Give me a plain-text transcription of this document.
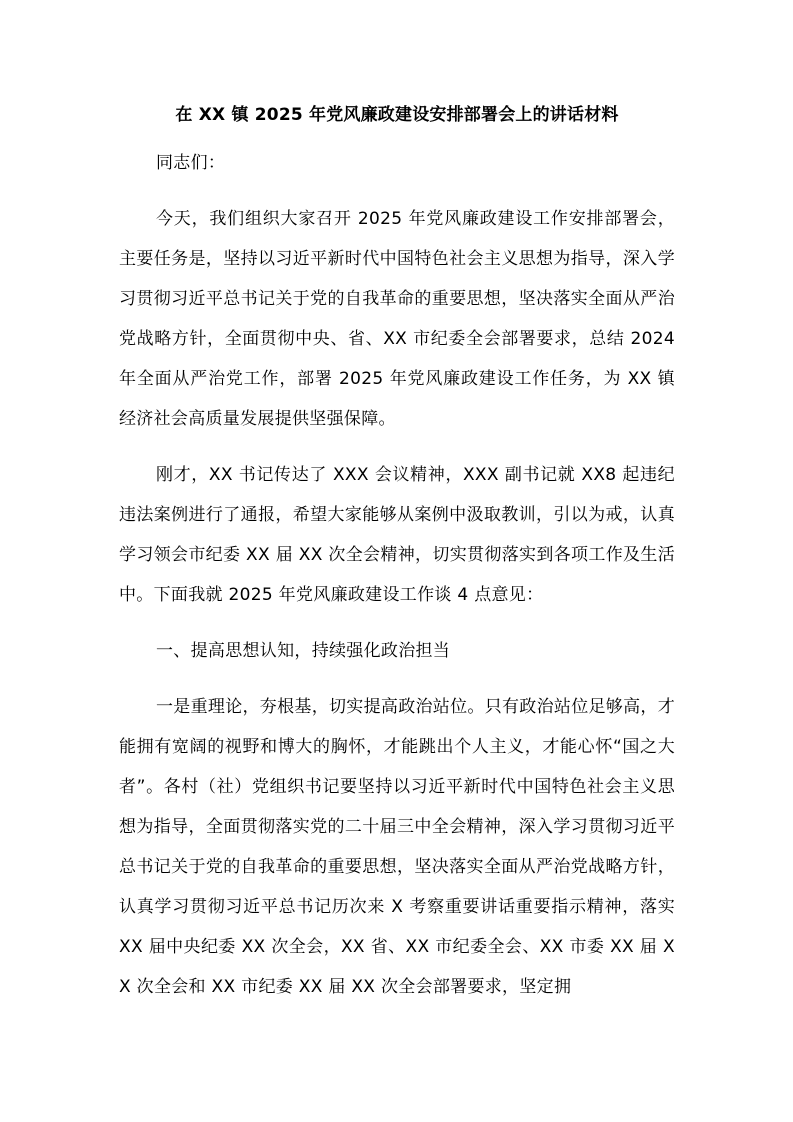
在 XX 镇 2025 年党风廉政建设安排部署会上的讲话材料

同志们：

今天，我们组织大家召开 2025 年党风廉政建设工作安排部署会，主要任务是，坚持以习近平新时代中国特色社会主义思想为指导，深入学习贯彻习近平总书记关于党的自我革命的重要思想，坚决落实全面从严治党战略方针，全面贯彻中央、省、XX 市纪委全会部署要求，总结 2024 年全面从严治党工作，部署 2025 年党风廉政建设工作任务，为 XX 镇经济社会高质量发展提供坚强保障。

刚才，XX 书记传达了 XXX 会议精神，XXX 副书记就 XX8 起违纪违法案例进行了通报，希望大家能够从案例中汲取教训，引以为戒，认真学习领会市纪委 XX 届 XX 次全会精神，切实贯彻落实到各项工作及生活中。下面我就 2025 年党风廉政建设工作谈 4 点意见：

一、提高思想认知，持续强化政治担当

一是重理论，夯根基，切实提高政治站位。只有政治站位足够高，才能拥有宽阔的视野和博大的胸怀，才能跳出个人主义，才能心怀“国之大者”。各村（社）党组织书记要坚持以习近平新时代中国特色社会主义思想为指导，全面贯彻落实党的二十届三中全会精神，深入学习贯彻习近平总书记关于党的自我革命的重要思想，坚决落实全面从严治党战略方针，认真学习贯彻习近平总书记历次来 X 考察重要讲话重要指示精神，落实 XX 届中央纪委 XX 次全会，XX 省、XX 市纪委全会、XX 市委 XX 届 XX 次全会和 XX 市纪委 XX 届 XX 次全会部署要求，坚定拥
